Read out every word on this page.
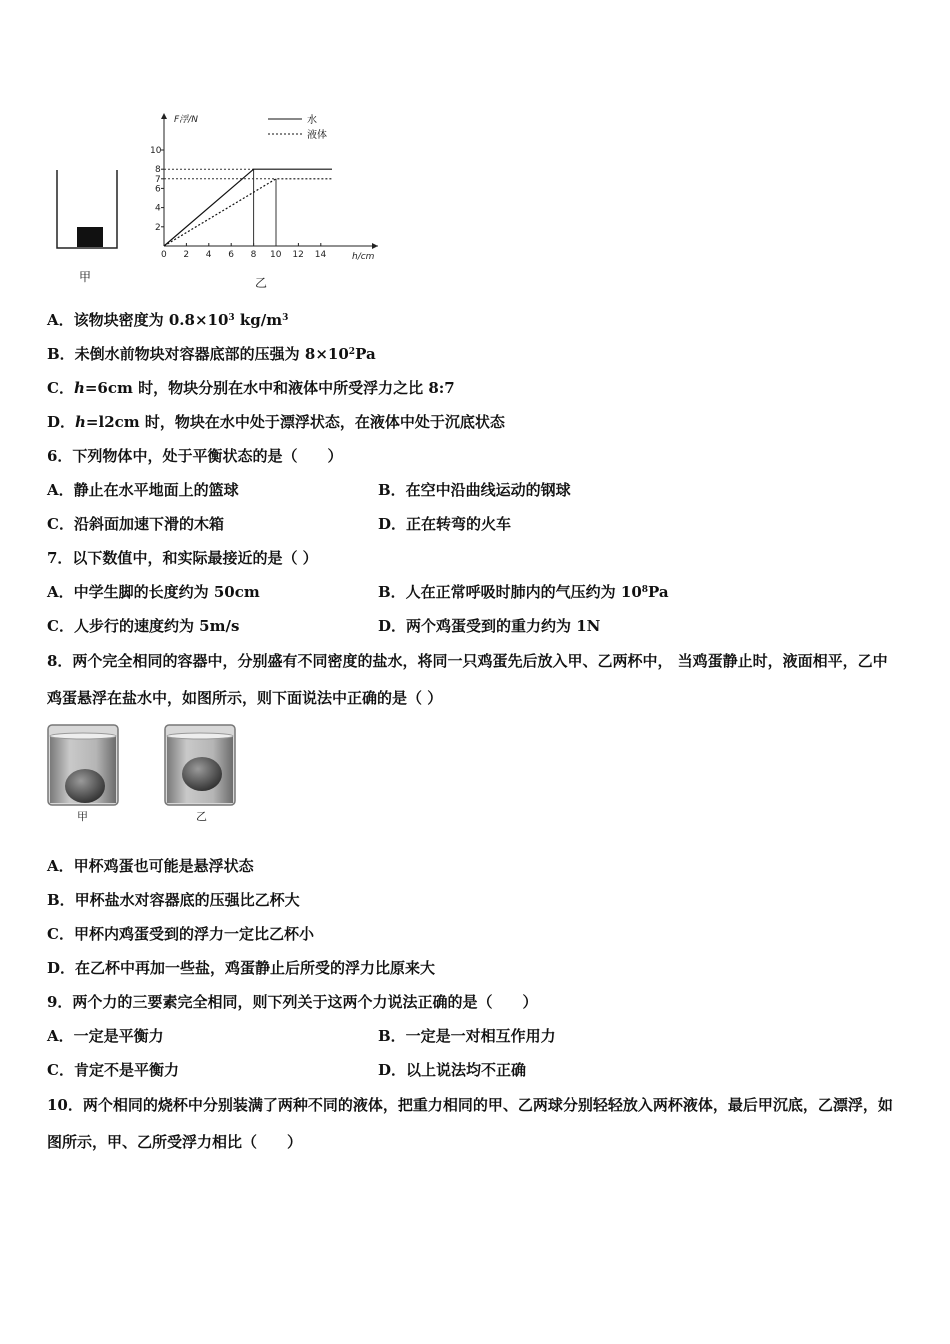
甲
F浮/N
h/cm
0 2 4 6 8 10 12 14
2
4
6
7
8
10
水
液体
乙
A．该物块密度为 $0.8\times 10^3$ $kg/m^3$
B．未倒水前物块对容器底部的压强为 $8\times 10^2Pa$
C．h=6cm 时，物块分别在水中和液体中所受浮力之比 8:7
D．h=l2cm 时，物块在水中处于漂浮状态，在液体中处于沉底状态
6．下列物体中，处于平衡状态的是（　　）
A．静止在水平地面上的篮球	B．在空中沿曲线运动的钢球
C．沿斜面加速下滑的木箱	D．正在转弯的火车
7．以下数值中，和实际最接近的是（ ）
A．中学生脚的长度约为 50cm	B．人在正常呼吸时肺内的气压约为 $10^8Pa$
C．人步行的速度约为 5m/s	D．两个鸡蛋受到的重力约为 1N
8．两个完全相同的容器中，分别盛有不同密度的盐水，将同一只鸡蛋先后放入甲、乙两杯中， 当鸡蛋静止时，液面相平，乙中鸡蛋悬浮在盐水中，如图所示，则下面说法中正确的是（ ）
甲	乙
A．甲杯鸡蛋也可能是悬浮状态
B．甲杯盐水对容器底的压强比乙杯大
C．甲杯内鸡蛋受到的浮力一定比乙杯小
D．在乙杯中再加一些盐，鸡蛋静止后所受的浮力比原来大
9．两个力的三要素完全相同，则下列关于这两个力说法正确的是（　　）
A．一定是平衡力	B．一定是一对相互作用力
C．肯定不是平衡力	D．以上说法均不正确
10．两个相同的烧杯中分别装满了两种不同的液体，把重力相同的甲、乙两球分别轻轻放入两杯液体，最后甲沉底，乙漂浮，如图所示，甲、乙所受浮力相比（　　）
